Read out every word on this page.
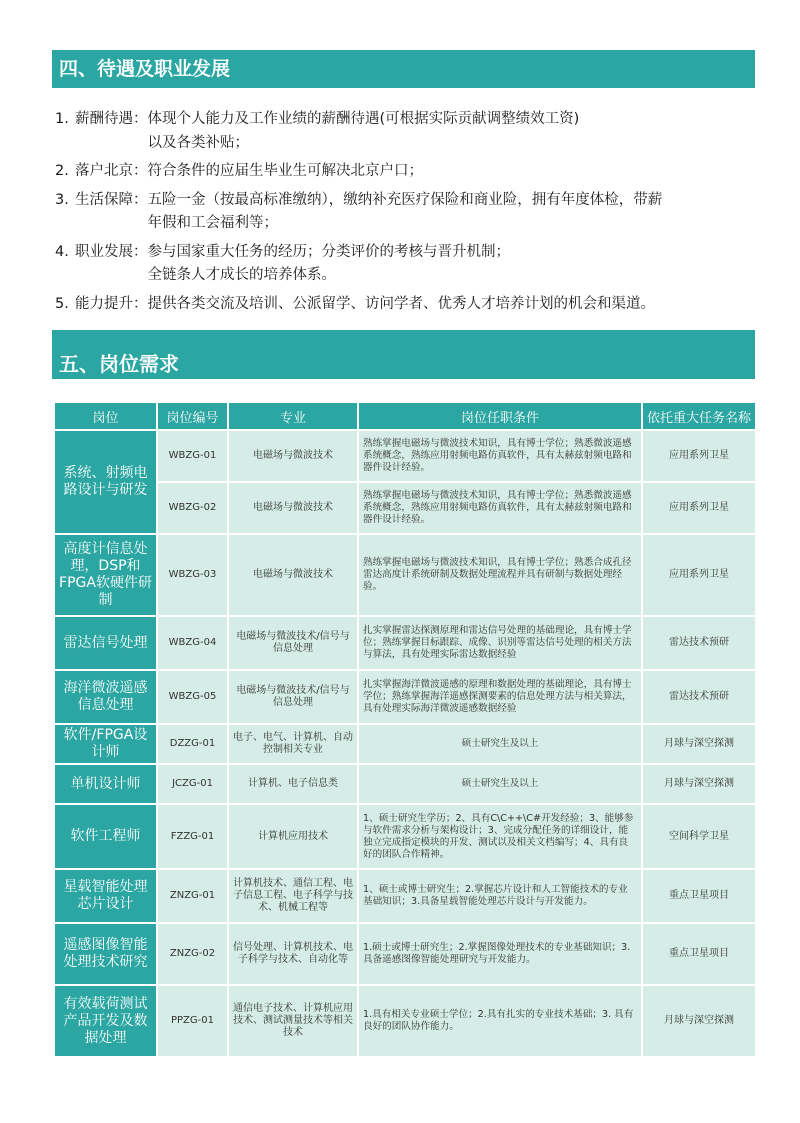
四、待遇及职业发展
1. 薪酬待遇： 体现个人能力及工作业绩的薪酬待遇(可根据实际贡献调整绩效工资)
以及各类补贴；
2. 落户北京： 符合条件的应届生毕业生可解决北京户口；
3. 生活保障： 五险一金（按最高标准缴纳），缴纳补充医疗保险和商业险，拥有年度体检，带薪
年假和工会福利等；
4. 职业发展： 参与国家重大任务的经历；分类评价的考核与晋升机制；
全链条人才成长的培养体系。
5. 能力提升： 提供各类交流及培训、公派留学、访问学者、优秀人才培养计划的机会和渠道。
五、岗位需求
岗位	岗位编号	专业	岗位任职条件	依托重大任务名称
系统、射频电路设计与研发	WBZG-01	电磁场与微波技术	熟练掌握电磁场与微波技术知识，具有博士学位；熟悉微波遥感系统概念，熟练应用射频电路仿真软件，具有太赫兹射频电路和器件设计经验。	应用系列卫星
	WBZG-02	电磁场与微波技术	熟练掌握电磁场与微波技术知识，具有博士学位；熟悉微波遥感系统概念，熟练应用射频电路仿真软件，具有太赫兹射频电路和器件设计经验。	应用系列卫星
高度计信息处理，DSP和FPGA软硬件研制	WBZG-03	电磁场与微波技术	熟练掌握电磁场与微波技术知识，具有博士学位；熟悉合成孔径雷达高度计系统研制及数据处理流程并具有研制与数据处理经验。	应用系列卫星
雷达信号处理	WBZG-04	电磁场与微波技术/信号与信息处理	扎实掌握雷达探测原理和雷达信号处理的基础理论，具有博士学位；熟练掌握目标跟踪、成像、识别等雷达信号处理的相关方法与算法，具有处理实际雷达数据经验	雷达技术预研
海洋微波遥感信息处理	WBZG-05	电磁场与微波技术/信号与信息处理	扎实掌握海洋微波遥感的原理和数据处理的基础理论，具有博士学位；熟练掌握海洋遥感探测要素的信息处理方法与相关算法，具有处理实际海洋微波遥感数据经验	雷达技术预研
软件/FPGA设计师	DZZG-01	电子、电气、计算机、自动控制相关专业	硕士研究生及以上	月球与深空探测
单机设计师	JCZG-01	计算机、电子信息类	硕士研究生及以上	月球与深空探测
软件工程师	FZZG-01	计算机应用技术	1、硕士研究生学历；2、具有C\C++\C#开发经验；3、能够参与软件需求分析与架构设计；3、完成分配任务的详细设计，能独立完成指定模块的开发、测试以及相关文档编写；4、具有良好的团队合作精神。	空间科学卫星
星载智能处理芯片设计	ZNZG-01	计算机技术、通信工程、电子信息工程、电子科学与技术、机械工程等	1、硕士或博士研究生；2.掌握芯片设计和人工智能技术的专业基础知识；3.具备星载智能处理芯片设计与开发能力。	重点卫星项目
遥感图像智能处理技术研究	ZNZG-02	信号处理、计算机技术、电子科学与技术、自动化等	1.硕士或博士研究生；2.掌握图像处理技术的专业基础知识；3.具备遥感图像智能处理研究与开发能力。	重点卫星项目
有效载荷测试产品开发及数据处理	PPZG-01	通信电子技术、计算机应用技术、测试测量技术等相关技术	1.具有相关专业硕士学位；2.具有扎实的专业技术基础；3. 具有良好的团队协作能力。	月球与深空探测
